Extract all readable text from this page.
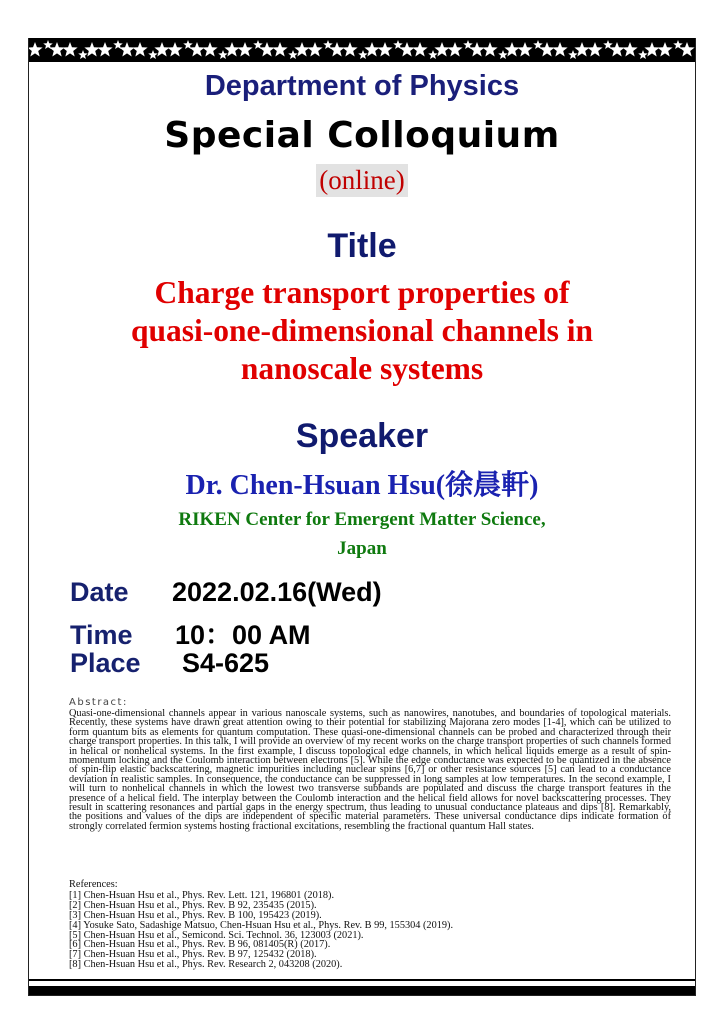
Department of Physics

Special Colloquium

(online)

Title

Charge transport properties of
quasi-one-dimensional channels in
nanoscale systems

Speaker

Dr. Chen-Hsuan Hsu(徐晨軒)

RIKEN Center for Emergent Matter Science,
Japan
Date 2022.02.16(Wed)
Time 10：00 AM
Place S4-625
Abstract:

Quasi-one-dimensional channels appear in various nanoscale systems, such as nanowires, nanotubes, and boundaries of topological materials. Recently, these systems have drawn great attention owing to their potential for stabilizing Majorana zero modes [1-4], which can be utilized to form quantum bits as elements for quantum computation. These quasi-one-dimensional channels can be probed and characterized through their charge transport properties. In this talk, I will provide an overview of my recent works on the charge transport properties of such channels formed in helical or nonhelical systems. In the first example, I discuss topological edge channels, in which helical liquids emerge as a result of spin-momentum locking and the Coulomb interaction between electrons [5]. While the edge conductance was expected to be quantized in the absence of spin-flip elastic backscattering, magnetic impurities including nuclear spins [6,7] or other resistance sources [5] can lead to a conductance deviation in realistic samples. In consequence, the conductance can be suppressed in long samples at low temperatures. In the second example, I will turn to nonhelical channels in which the lowest two transverse subbands are populated and discuss the charge transport features in the presence of a helical field. The interplay between the Coulomb interaction and the helical field allows for novel backscattering processes. They result in scattering resonances and partial gaps in the energy spectrum, thus leading to unusual conductance plateaus and dips [8]. Remarkably, the positions and values of the dips are independent of specific material parameters. These universal conductance dips indicate formation of strongly correlated fermion systems hosting fractional excitations, resembling the fractional quantum Hall states.

References:
[1] Chen-Hsuan Hsu et al., Phys. Rev. Lett. 121, 196801 (2018).
[2] Chen-Hsuan Hsu et al., Phys. Rev. B 92, 235435 (2015).
[3] Chen-Hsuan Hsu et al., Phys. Rev. B 100, 195423 (2019).
[4] Yosuke Sato, Sadashige Matsuo, Chen-Hsuan Hsu et al., Phys. Rev. B 99, 155304 (2019).
[5] Chen-Hsuan Hsu et al., Semicond. Sci. Technol. 36, 123003 (2021).
[6] Chen-Hsuan Hsu et al., Phys. Rev. B 96, 081405(R) (2017).
[7] Chen-Hsuan Hsu et al., Phys. Rev. B 97, 125432 (2018).
[8] Chen-Hsuan Hsu et al., Phys. Rev. Research 2, 043208 (2020).
